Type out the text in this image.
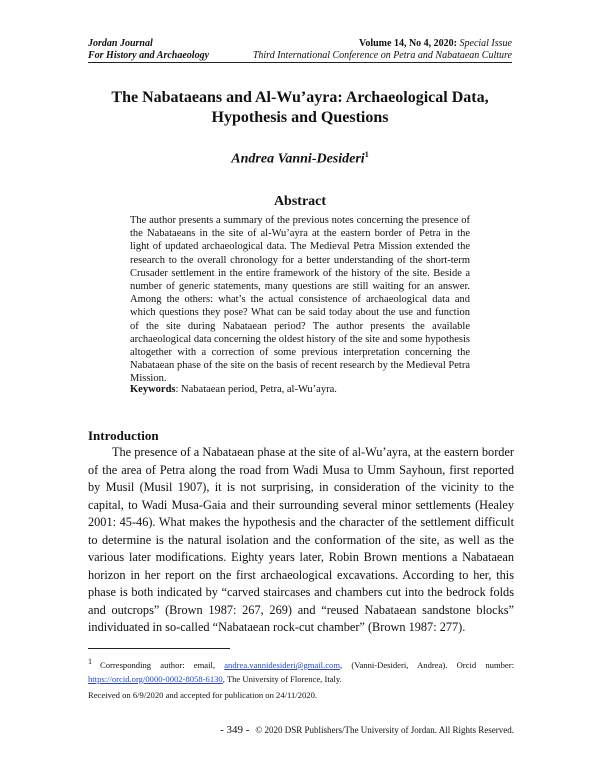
Jordan Journal
For History and Archaeology
Volume 14, No 4, 2020: Special Issue
Third International Conference on Petra and Nabataean Culture
The Nabataeans and Al-Wu’ayra: Archaeological Data,
Hypothesis and Questions
Andrea Vanni-Desideri$^1$
Abstract
The author presents a summary of the previous notes concerning the presence of the Nabataeans in the site of al-Wu’ayra at the eastern border of Petra in the light of updated archaeological data. The Medieval Petra Mission extended the research to the overall chronology for a better understanding of the short-term Crusader settlement in the entire framework of the history of the site. Beside a number of generic statements, many questions are still waiting for an answer. Among the others: what’s the actual consistence of archaeological data and which questions they pose? What can be said today about the use and function of the site during Nabataean period? The author presents the available archaeological data concerning the oldest history of the site and some hypothesis altogether with a correction of some previous interpretation concerning the Nabataean phase of the site on the basis of recent research by the Medieval Petra Mission.
Keywords: Nabataean period, Petra, al-Wu’ayra.
Introduction
The presence of a Nabataean phase at the site of al-Wu’ayra, at the eastern border of the area of Petra along the road from Wadi Musa to Umm Sayhoun, first reported by Musil (Musil 1907), it is not surprising, in consideration of the vicinity to the capital, to Wadi Musa-Gaia and their surrounding several minor settlements (Healey 2001: 45-46). What makes the hypothesis and the character of the settlement difficult to determine is the natural isolation and the conformation of the site, as well as the various later modifications. Eighty years later, Robin Brown mentions a Nabataean horizon in her report on the first archaeological excavations. According to her, this phase is both indicated by “carved staircases and chambers cut into the bedrock folds and outcrops” (Brown 1987: 267, 269) and “reused Nabataean sandstone blocks” individuated in so-called “Nabataean rock-cut chamber” (Brown 1987: 277).
$^1$ Corresponding author: email, andrea.vannidesideri@gmail.com, (Vanni-Desideri, Andrea). Orcid number: https://orcid.org/0000-0002-8058-6130, The University of Florence, Italy.
Received on 6/9/2020 and accepted for publication on 24/11/2020.
- 349 - © 2020 DSR Publishers/The University of Jordan. All Rights Reserved.
